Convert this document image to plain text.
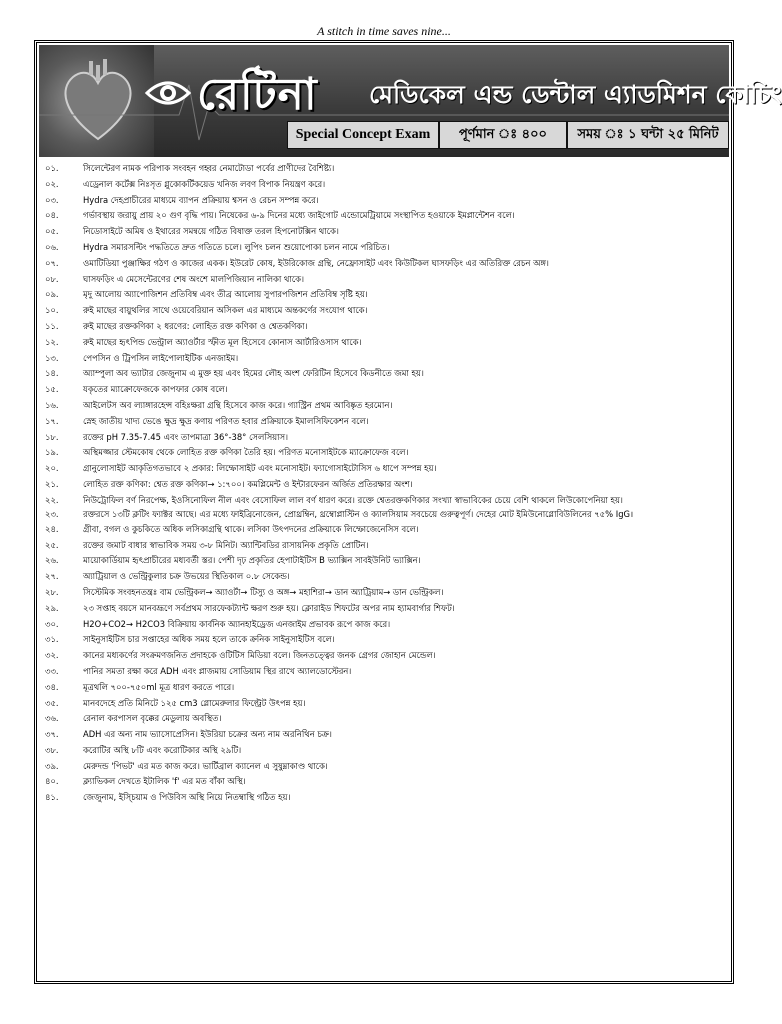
A stitch in time saves nine...
রেটিনা মেডিকেল এন্ড ডেন্টাল এ্যাডমিশন কোচিং
Special Concept Exam	পূর্ণমান ঃ ৪০০	সময় ঃ ১ ঘন্টা ২৫ মিনিট
০১.	সিলেন্টেরণ নামক পরিপাক সংবহন গহ্বর নেমাটোডা পর্বের প্রাণীদের বৈশিষ্ট্য।
০২.	এড্রেনাল কর্টেক্স নিঃসৃত গ্লুকোকর্টিকয়েড খনিজ লবণ বিপাক নিয়ন্ত্রণ করে।
০৩.	Hydra দেহপ্রাচীরের মাধ্যমে ব্যাপন প্রক্রিয়ায় শ্বসন ও রেচন সম্পন্ন করে।
০৪.	গর্ভাবস্থায় জরায়ু প্রায় ২০ গুণ বৃদ্ধি পায়। নিষেকের ৬-৯ দিনের মধ্যে জাইগোট এন্ডোমেট্রিয়ামে সংস্থাপিত হওয়াকে ইমপ্লান্টেশন বলে।
০৫.	নিডোসাইটে অমিষ ও ইথারের সমন্বয়ে গঠিত বিষাক্ত তরল হিপনোটক্সিন থাকে।
০৬.	Hydra সমারসল্টিং পদ্ধতিতে দ্রুত গতিতে চলে। লুপিং চলন শুয়োপোকা চলন নামে পরিচিত।
০৭.	ওমাটিডিয়া পুঞ্জাক্ষির গঠণ ও কাজের একক। ইউরেট কোষ, ইউরিকোজ গ্রন্থি, নেফ্রোসাইট এবং কিউটিকল ঘাসফড়িং এর অতিরিক্ত রেচন অঙ্গ।
০৮.	ঘাসফড়িং এ মেসেন্টেরণের শেষ অংশে মালপিজিয়ান নালিকা থাকে।
০৯.	মৃদু আলোয় অ্যাপোজিশন প্রতিবিম্ব এবং তীব্র আলোয় সুপারপজিশন প্রতিবিম্ব সৃষ্টি হয়।
১০.	রুই মাছের বায়ুথলির সাথে ওয়েবেরিয়ান অসিকল এর মাধ্যমে অন্তকর্ণের সংযোগ থাকে।
১১.	রুই মাছের রক্তকণিকা ২ ধরণের: লোহিত রক্ত কণিকা ও শ্বেতকণিকা।
১২.	রুই মাছের হৃৎপিন্ড ভেন্ট্রাল অ্যাওর্টার স্ফীত মূল হিসেবে কোনাস আর্টারিওসাস থাকে।
১৩.	পেপসিন ও ট্রিপসিন লাইপোলাইটিক এনজাইম।
১৪.	অ্যাম্পুলা অব ভ্যাটার জেজুনাম এ মুক্ত হয় এবং হিমের লৌহ অংশ ফেরিটিন হিসেবে কিডনীতে জমা হয়।
১৫.	যকৃতের ম্যাক্রোফেজকে কাপফার কোষ বলে।
১৬.	আইলেটস অব ল্যাঙ্গারহেন্স বহিঃক্ষরা গ্রন্থি হিসেবে কাজ করে। গ্যাস্ট্রিন প্রথম আবিষ্কৃত হরমোন।
১৭.	স্নেহ জাতীয় খাদ্য ভেঙে ক্ষুদ্র ক্ষুদ্র কণায় পরিণত হবার প্রক্রিয়াকে ইমালসিফিকেশন বলে।
১৮.	রক্তের pH 7.35-7.45 এবং তাপমাত্রা 36°-38° সেলসিয়াস।
১৯.	অস্থিমজ্জার স্টেমকোষ থেকে লোহিত রক্ত কণিকা তৈরি হয়। পরিণত মনোসাইটকে ম্যাক্রোফেজ বলে।
২০.	গ্রানুলোসাইট আকৃতিগতভাবে ২ প্রকার: লিম্ফোসাইট এবং মনোসাইট। ফ্যাগোসাইটোসিস ৬ ধাপে সম্পন্ন হয়।
২১.	লোহিত রক্ত কণিকা: শ্বেত রক্ত কণিকা→ ১:৭০০। কমপ্লিমেন্ট ও ইন্টারফেরন অর্জিত প্রতিরক্ষার অংশ।
২২.	নিউট্রোফিল বর্ণ নিরপেক্ষ, ইওসিনোফিল নীল এবং বেসোফিল লাল বর্ণ ধারণ করে। রক্তে শ্বেতরক্তকণিকার সংখ্যা স্বাভাবিকের চেয়ে বেশি থাকলে লিউকোপেনিয়া হয়।
২৩.	রক্তরসে ১৩টি ক্লটিং ফ্যাক্টর আছে। এর মধ্যে ফাইব্রিনোজেন, প্রোথ্রম্বিন, থ্রম্বোপ্লাস্টিন ও ক্যালসিয়াম সবচেয়ে গুরুত্বপূর্ণ। দেহের মোট ইমিউনোগ্লোবিউলিনের ৭৫% IgG।
২৪.	গ্রীবা, বগল ও কুচকিতে অধিক লসিকাগ্রন্থি থাকে। লসিকা উৎপদনের প্রক্রিয়াকে লিম্ফোজেনেসিস বলে।
২৫.	রক্তের জমাট বাধার স্বাভাবিক সময় ৩-৮ মিনিট। অ্যান্টিবডির রাসায়নিক প্রকৃতি প্রোটিন।
২৬.	মায়োকার্ডিয়াম হৃৎপ্রাচীরের মধ্যবর্তী স্তর। পেশী দৃঢ় প্রকৃতির হেপাটাইটিস B ভ্যাক্সিন সাবইউনিট ভ্যাক্সিন।
২৭.	অ্যাট্রিয়াল ও ভেন্ট্রিকুলার চক্র উভয়ের স্থিতিকাল ০.৮ সেকেন্ড।
২৮.	সিস্টেমিক সংবহনতন্ত্রঃ বাম ভেন্ট্রিকল→ অ্যাওর্টা→ টিস্যু ও অঙ্গ→ মহাশিরা→ ডান অ্যাট্রিয়াম→ ডান ভেন্ট্রিকল।
২৯.	২৩ সপ্তাহ বয়সে মানবভ্রূণে সর্বপ্রথম সারফেকট্যান্ট ক্ষরণ শুরু হয়। ক্লোরাইড শিফটের অপর নাম হ্যামবার্গার শিফট।
৩০.	H2O+CO2→ H2CO3 বিক্রিয়ায় কার্বনিক অ্যানহাইড্রেজ এনজাইম প্রভাবক রূপে কাজ করে।
৩১.	সাইনুসাইটিস চার সপ্তাহের অধিক সময় হলে তাকে ক্রনিক সাইনুসাইটিস বলে।
৩২.	কানের মধ্যকর্ণের সংক্রমণজনিত প্রদাহকে ওটিটিস মিডিয়া বলে। জিনতত্ত্বের জনক গ্রেগর জোহান মেন্ডেল।
৩৩.	পানির সমতা রক্ষা করে ADH এবং প্লাজমায় সোডিয়াম স্থির রাখে অ্যালডোস্টেরন।
৩৪.	মূত্রথলি ৭০০-৭৫০ml মূত্র ধারণ করতে পারে।
৩৫.	মানবদেহে প্রতি মিনিটে ১২৫ cm3 গ্লোমেরুলার ফিল্ট্রেট উৎপন্ন হয়।
৩৬.	রেনাল করপাসল বৃক্কের মেডুলায় অবস্থিত।
৩৭.	ADH এর অন্য নাম ভ্যাসোপ্রেসিন। ইউরিয়া চক্রের অন্য নাম অরনিথিন চক্র।
৩৮.	করোটির অস্থি ৮টি এবং করোটিকার অস্থি ২৯টি।
৩৯.	মেরুদন্ড 'পিভট' এর মত কাজ করে। ভার্টিব্রাল ক্যানেল এ সুষুম্নাকাণ্ড থাকে।
৪০.	ক্ল্যাভিকল দেখতে ইটালিক 'f' এর মত বাঁকা অস্থি।
৪১.	জেজুনাম, ইস্চিয়াম ও পিউবিস অস্থি নিয়ে নিতম্বাস্থি গঠিত হয়।
